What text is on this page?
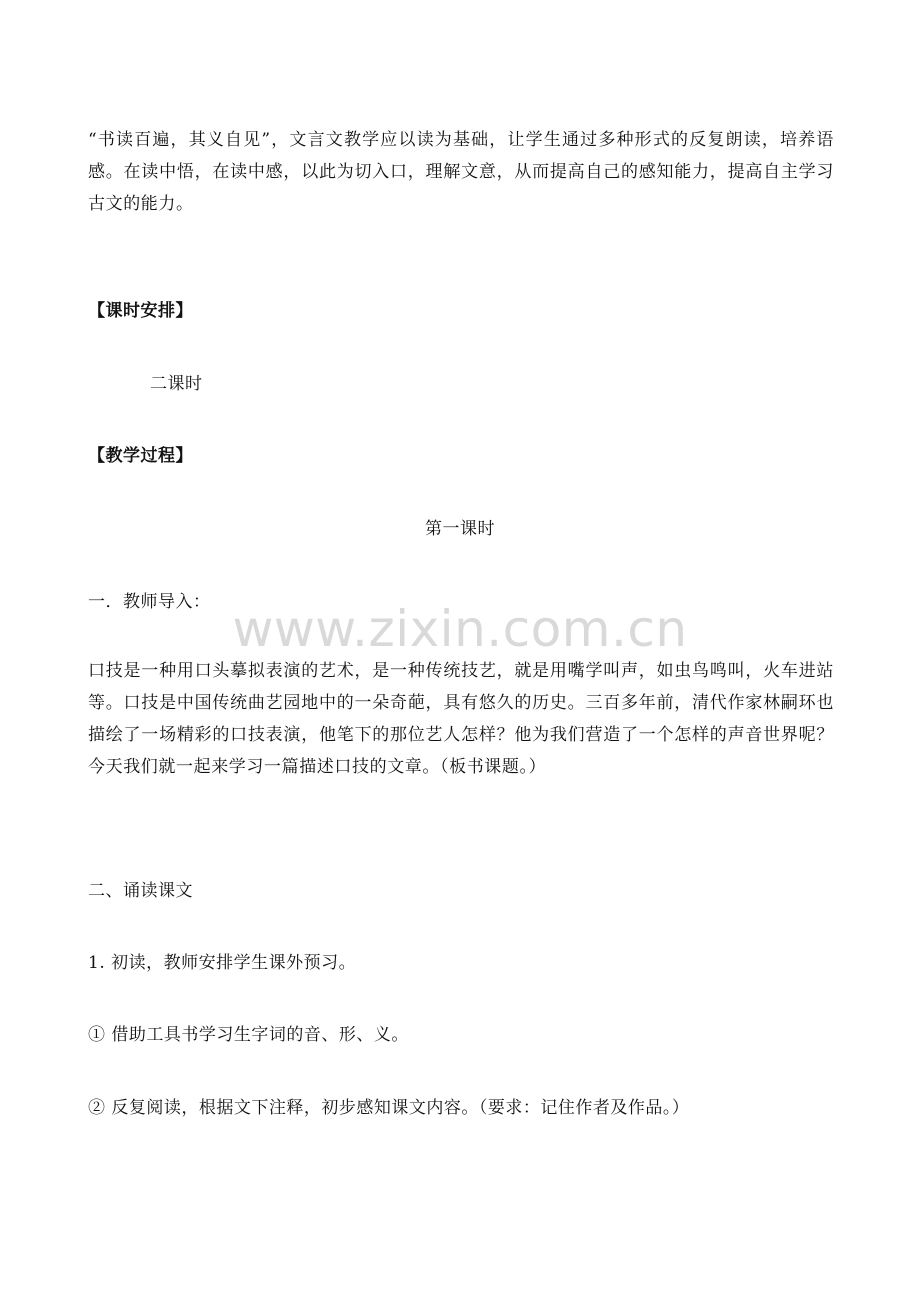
“书读百遍，其义自见”，文言文教学应以读为基础，让学生通过多种形式的反复朗读，培养语感。在读中悟，在读中感，以此为切入口，理解文意，从而提高自己的感知能力，提高自主学习古文的能力。

【课时安排】

二课时

【教学过程】

第一课时

一．教师导入：

口技是一种用口头摹拟表演的艺术，是一种传统技艺，就是用嘴学叫声，如虫鸟鸣叫，火车进站等。口技是中国传统曲艺园地中的一朵奇葩，具有悠久的历史。三百多年前，清代作家林嗣环也描绘了一场精彩的口技表演，他笔下的那位艺人怎样？他为我们营造了一个怎样的声音世界呢？今天我们就一起来学习一篇描述口技的文章。（板书课题。）

二、诵读课文

1. 初读，教师安排学生课外预习。

① 借助工具书学习生字词的音、形、义。

② 反复阅读，根据文下注释，初步感知课文内容。（要求：记住作者及作品。）

www.zixin.com.cn
